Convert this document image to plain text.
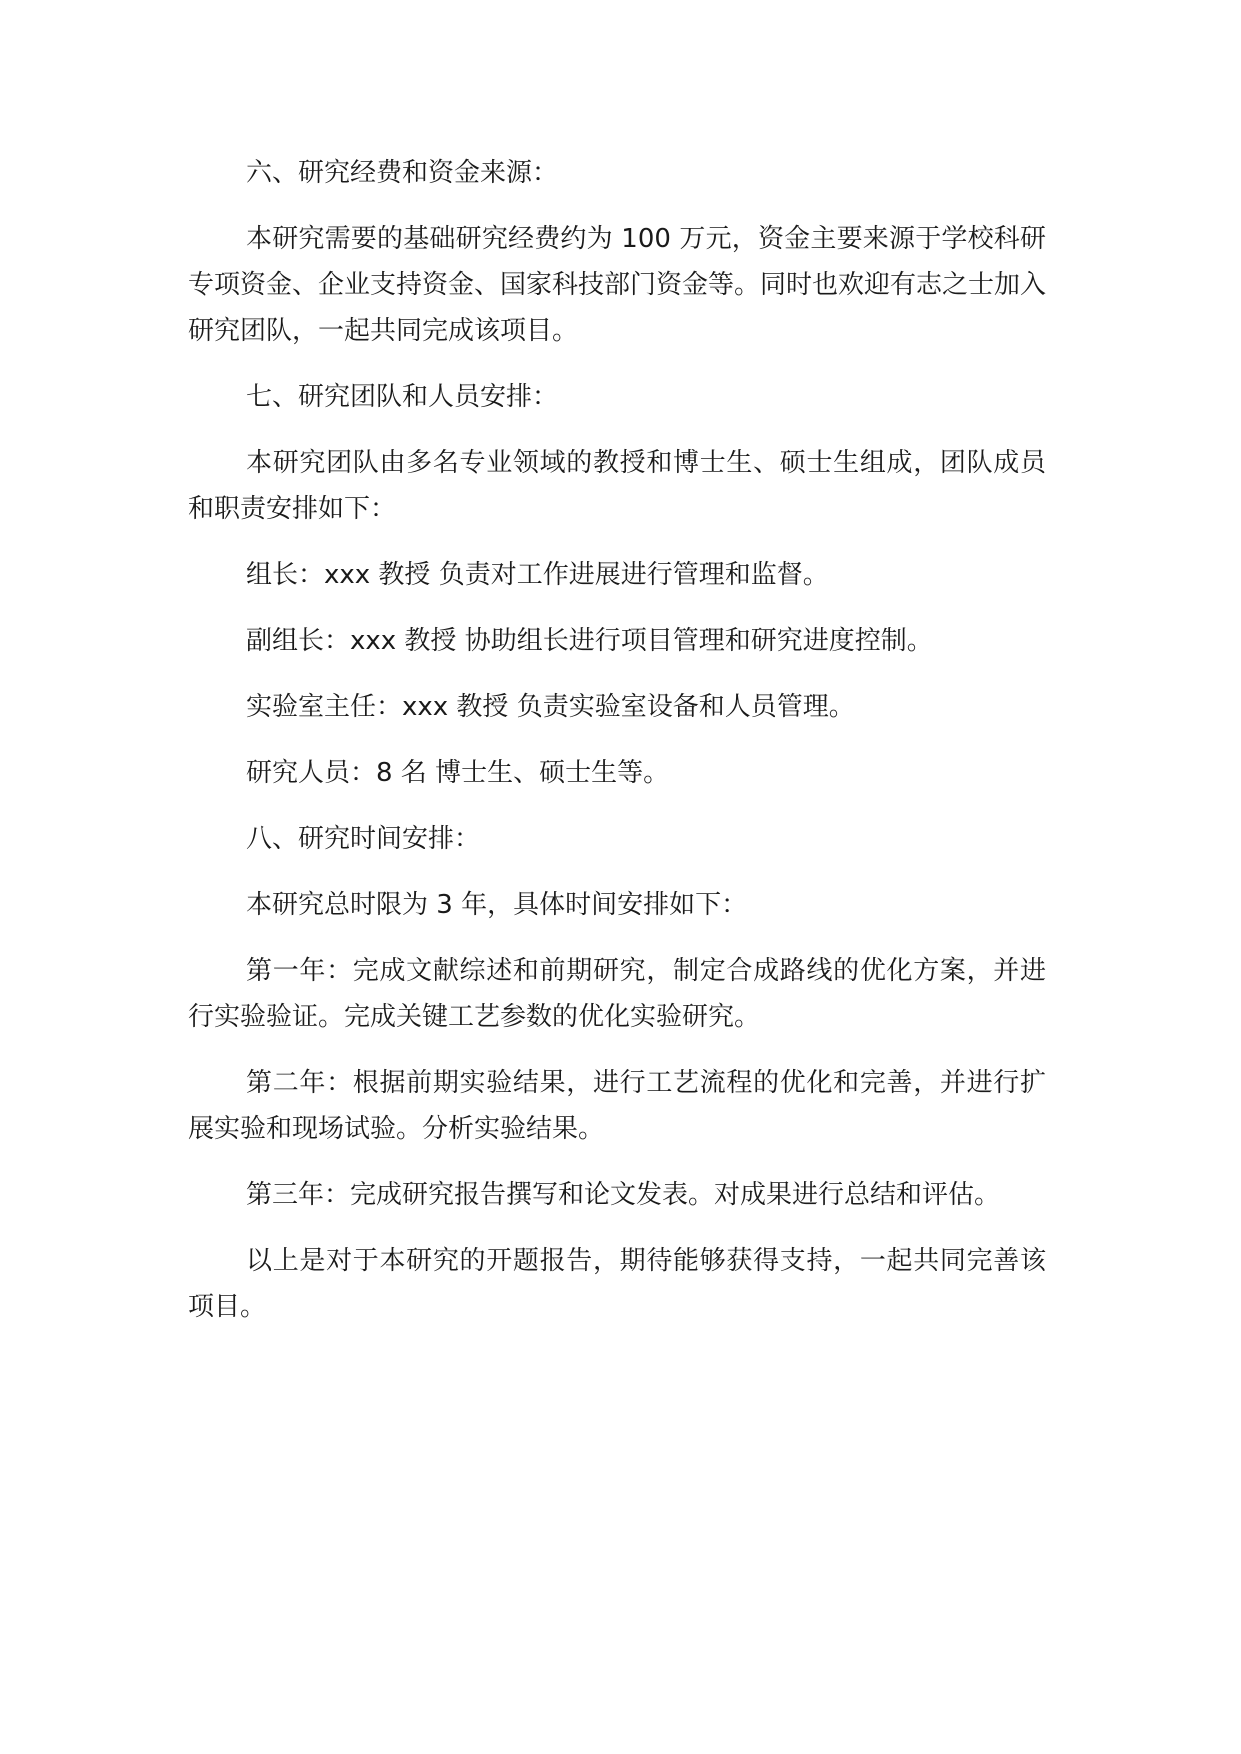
六、研究经费和资金来源：

本研究需要的基础研究经费约为 100 万元，资金主要来源于学校科研专项资金、企业支持资金、国家科技部门资金等。同时也欢迎有志之士加入研究团队，一起共同完成该项目。

七、研究团队和人员安排：

本研究团队由多名专业领域的教授和博士生、硕士生组成，团队成员和职责安排如下：

组长：xxx 教授 负责对工作进展进行管理和监督。

副组长：xxx 教授 协助组长进行项目管理和研究进度控制。

实验室主任：xxx 教授 负责实验室设备和人员管理。

研究人员：8 名 博士生、硕士生等。

八、研究时间安排：

本研究总时限为 3 年，具体时间安排如下：

第一年：完成文献综述和前期研究，制定合成路线的优化方案，并进行实验验证。完成关键工艺参数的优化实验研究。

第二年：根据前期实验结果，进行工艺流程的优化和完善，并进行扩展实验和现场试验。分析实验结果。

第三年：完成研究报告撰写和论文发表。对成果进行总结和评估。

以上是对于本研究的开题报告，期待能够获得支持，一起共同完善该项目。
